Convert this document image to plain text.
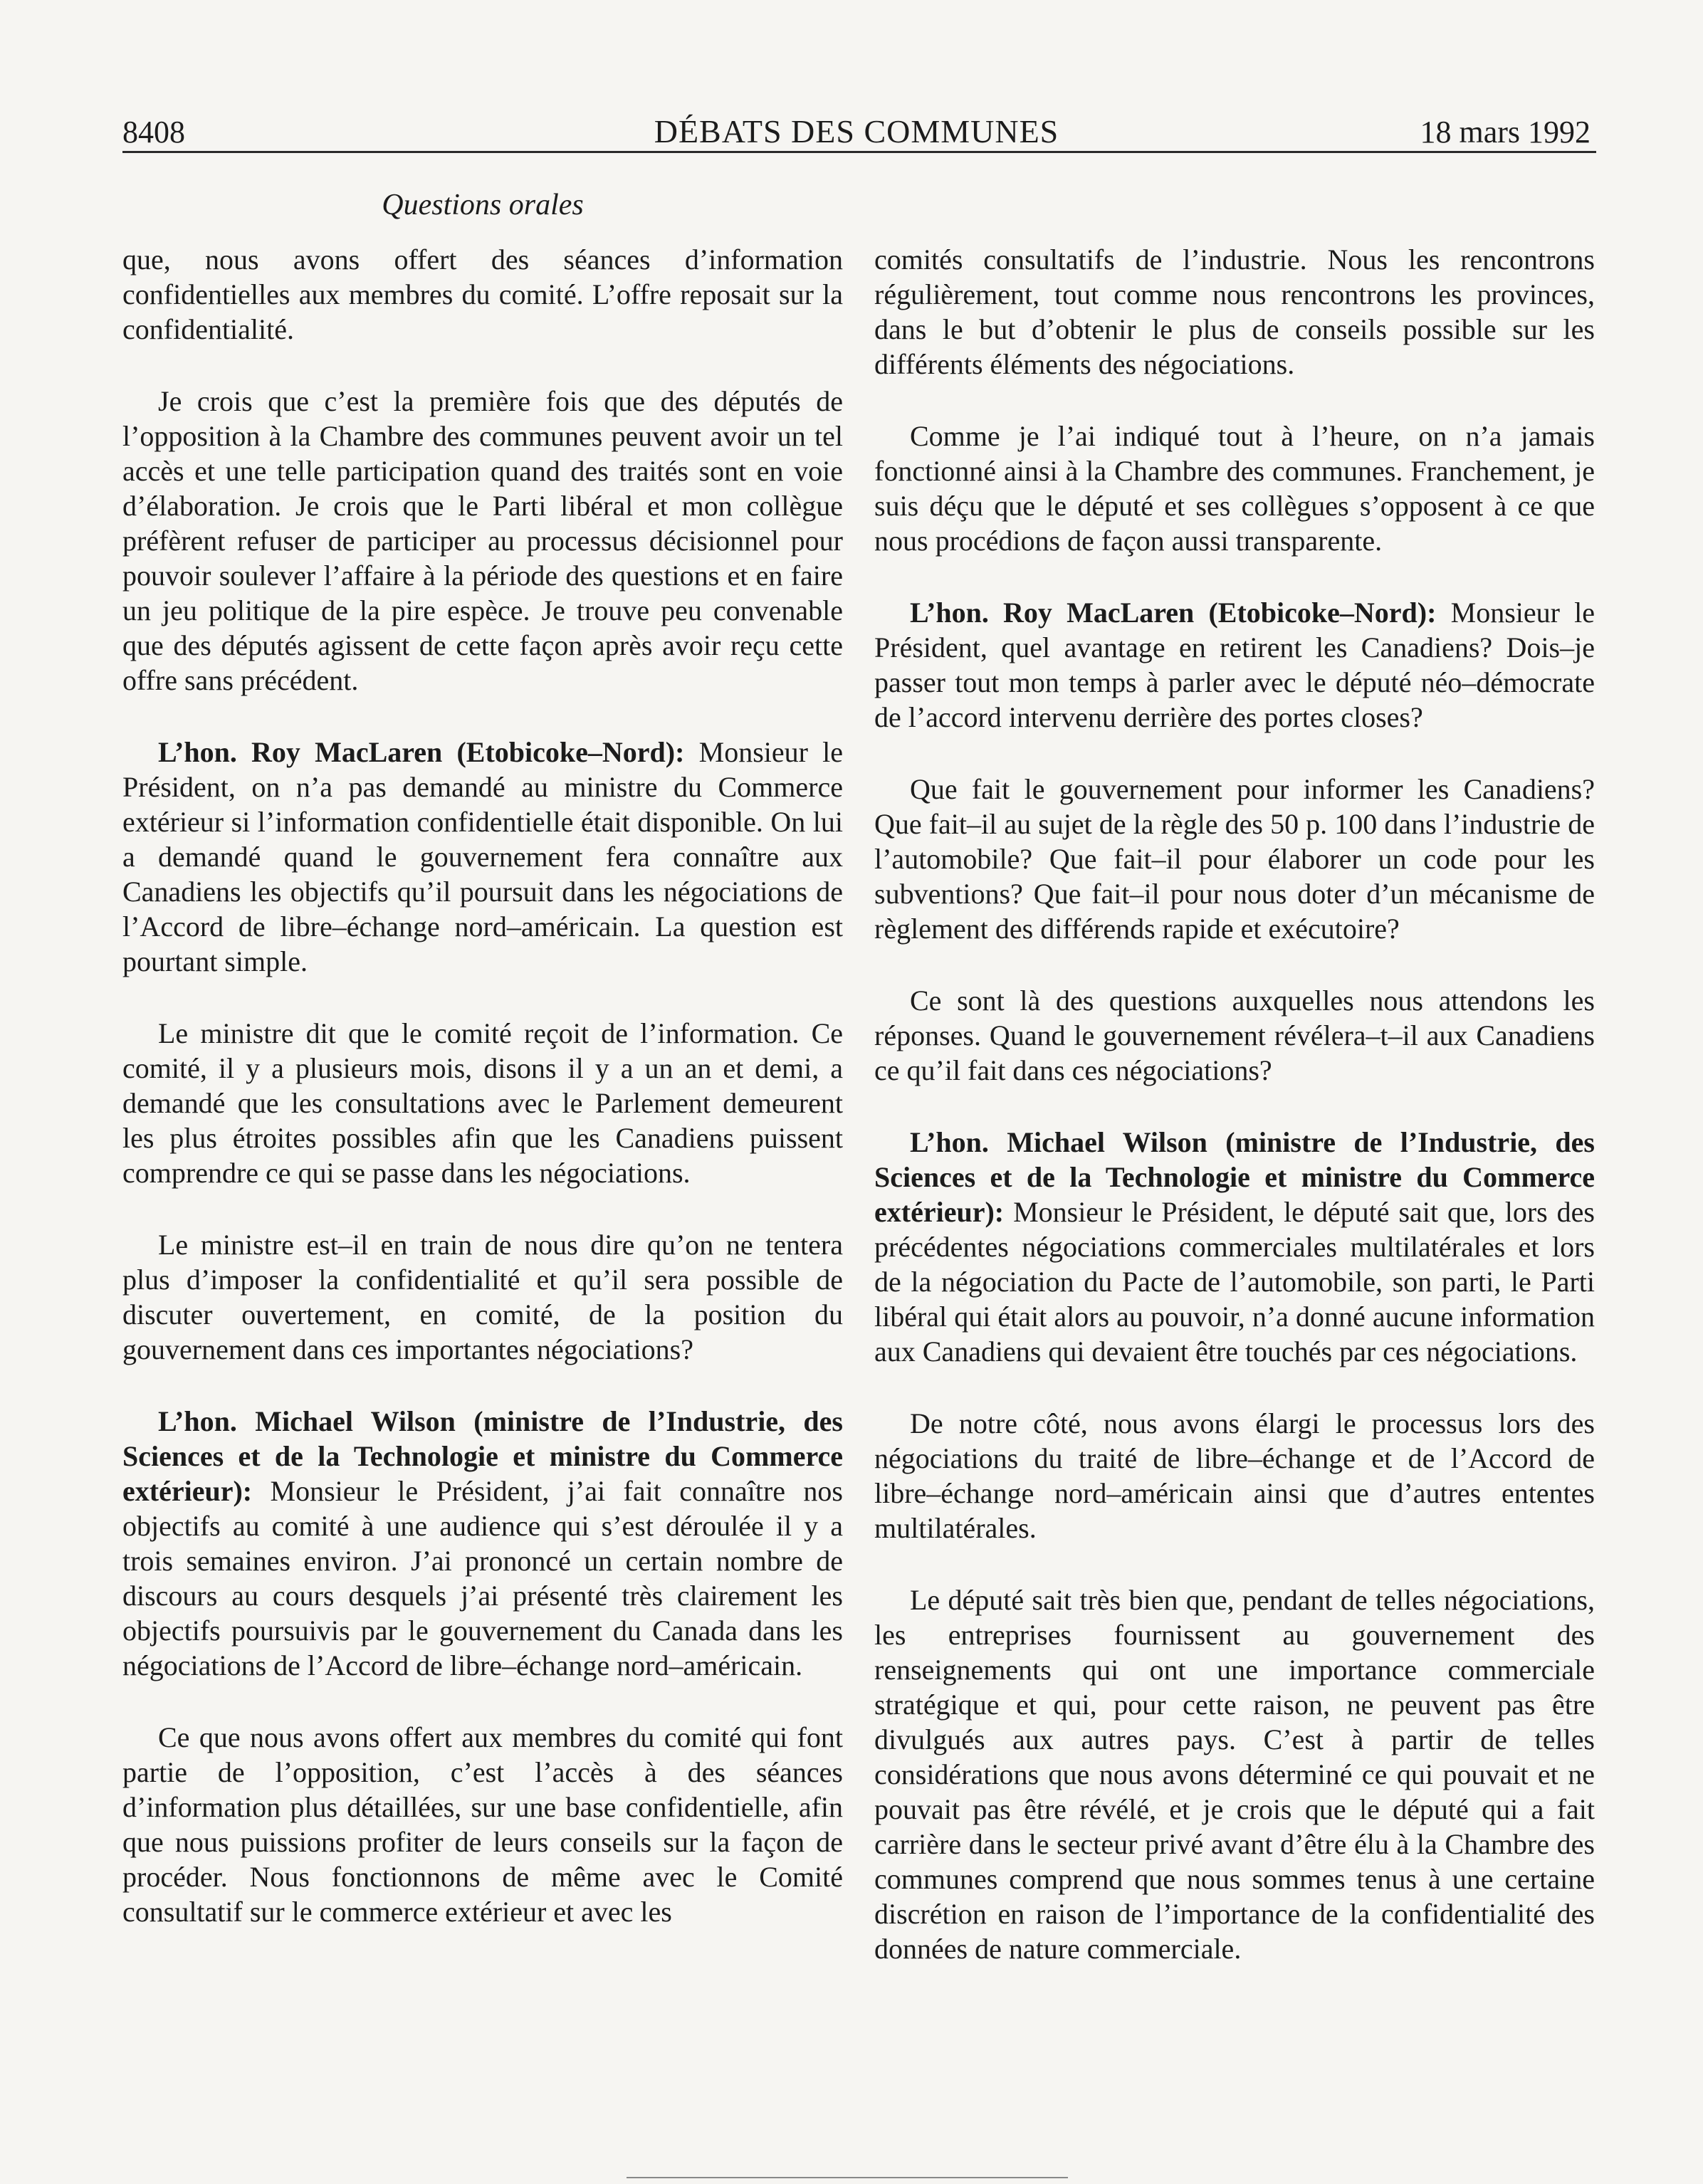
8408	DÉBATS DES COMMUNES	18 mars 1992
Questions orales

que, nous avons offert des séances d’information confidentielles aux membres du comité. L’offre reposait sur la confidentialité.

Je crois que c’est la première fois que des députés de l’opposition à la Chambre des communes peuvent avoir un tel accès et une telle participation quand des traités sont en voie d’élaboration. Je crois que le Parti libéral et mon collègue préfèrent refuser de participer au processus décisionnel pour pouvoir soulever l’affaire à la période des questions et en faire un jeu politique de la pire espèce. Je trouve peu convenable que des députés agissent de cette façon après avoir reçu cette offre sans précédent.

L’hon. Roy MacLaren (Etobicoke–Nord): Monsieur le Président, on n’a pas demandé au ministre du Commerce extérieur si l’information confidentielle était disponible. On lui a demandé quand le gouvernement fera connaître aux Canadiens les objectifs qu’il poursuit dans les négociations de l’Accord de libre–échange nord–américain. La question est pourtant simple.

Le ministre dit que le comité reçoit de l’information. Ce comité, il y a plusieurs mois, disons il y a un an et demi, a demandé que les consultations avec le Parlement demeurent les plus étroites possibles afin que les Canadiens puissent comprendre ce qui se passe dans les négociations.

Le ministre est–il en train de nous dire qu’on ne tentera plus d’imposer la confidentialité et qu’il sera possible de discuter ouvertement, en comité, de la position du gouvernement dans ces importantes négociations?

L’hon. Michael Wilson (ministre de l’Industrie, des Sciences et de la Technologie et ministre du Commerce extérieur): Monsieur le Président, j’ai fait connaître nos objectifs au comité à une audience qui s’est déroulée il y a trois semaines environ. J’ai prononcé un certain nombre de discours au cours desquels j’ai présenté très clairement les objectifs poursuivis par le gouvernement du Canada dans les négociations de l’Accord de libre–échange nord–américain.

Ce que nous avons offert aux membres du comité qui font partie de l’opposition, c’est l’accès à des séances d’information plus détaillées, sur une base confidentielle, afin que nous puissions profiter de leurs conseils sur la façon de procéder. Nous fonctionnons de même avec le Comité consultatif sur le commerce extérieur et avec les

comités consultatifs de l’industrie. Nous les rencontrons régulièrement, tout comme nous rencontrons les provinces, dans le but d’obtenir le plus de conseils possible sur les différents éléments des négociations.

Comme je l’ai indiqué tout à l’heure, on n’a jamais fonctionné ainsi à la Chambre des communes. Franchement, je suis déçu que le député et ses collègues s’opposent à ce que nous procédions de façon aussi transparente.

L’hon. Roy MacLaren (Etobicoke–Nord): Monsieur le Président, quel avantage en retirent les Canadiens? Dois–je passer tout mon temps à parler avec le député néo–démocrate de l’accord intervenu derrière des portes closes?

Que fait le gouvernement pour informer les Canadiens? Que fait–il au sujet de la règle des 50 p. 100 dans l’industrie de l’automobile? Que fait–il pour élaborer un code pour les subventions? Que fait–il pour nous doter d’un mécanisme de règlement des différends rapide et exécutoire?

Ce sont là des questions auxquelles nous attendons les réponses. Quand le gouvernement révélera–t–il aux Canadiens ce qu’il fait dans ces négociations?

L’hon. Michael Wilson (ministre de l’Industrie, des Sciences et de la Technologie et ministre du Commerce extérieur): Monsieur le Président, le député sait que, lors des précédentes négociations commerciales multilatérales et lors de la négociation du Pacte de l’automobile, son parti, le Parti libéral qui était alors au pouvoir, n’a donné aucune information aux Canadiens qui devaient être touchés par ces négociations.

De notre côté, nous avons élargi le processus lors des négociations du traité de libre–échange et de l’Accord de libre–échange nord–américain ainsi que d’autres ententes multilatérales.

Le député sait très bien que, pendant de telles négociations, les entreprises fournissent au gouvernement des renseignements qui ont une importance commerciale stratégique et qui, pour cette raison, ne peuvent pas être divulgués aux autres pays. C’est à partir de telles considérations que nous avons déterminé ce qui pouvait et ne pouvait pas être révélé, et je crois que le député qui a fait carrière dans le secteur privé avant d’être élu à la Chambre des communes comprend que nous sommes tenus à une certaine discrétion en raison de l’importance de la confidentialité des données de nature commerciale.
